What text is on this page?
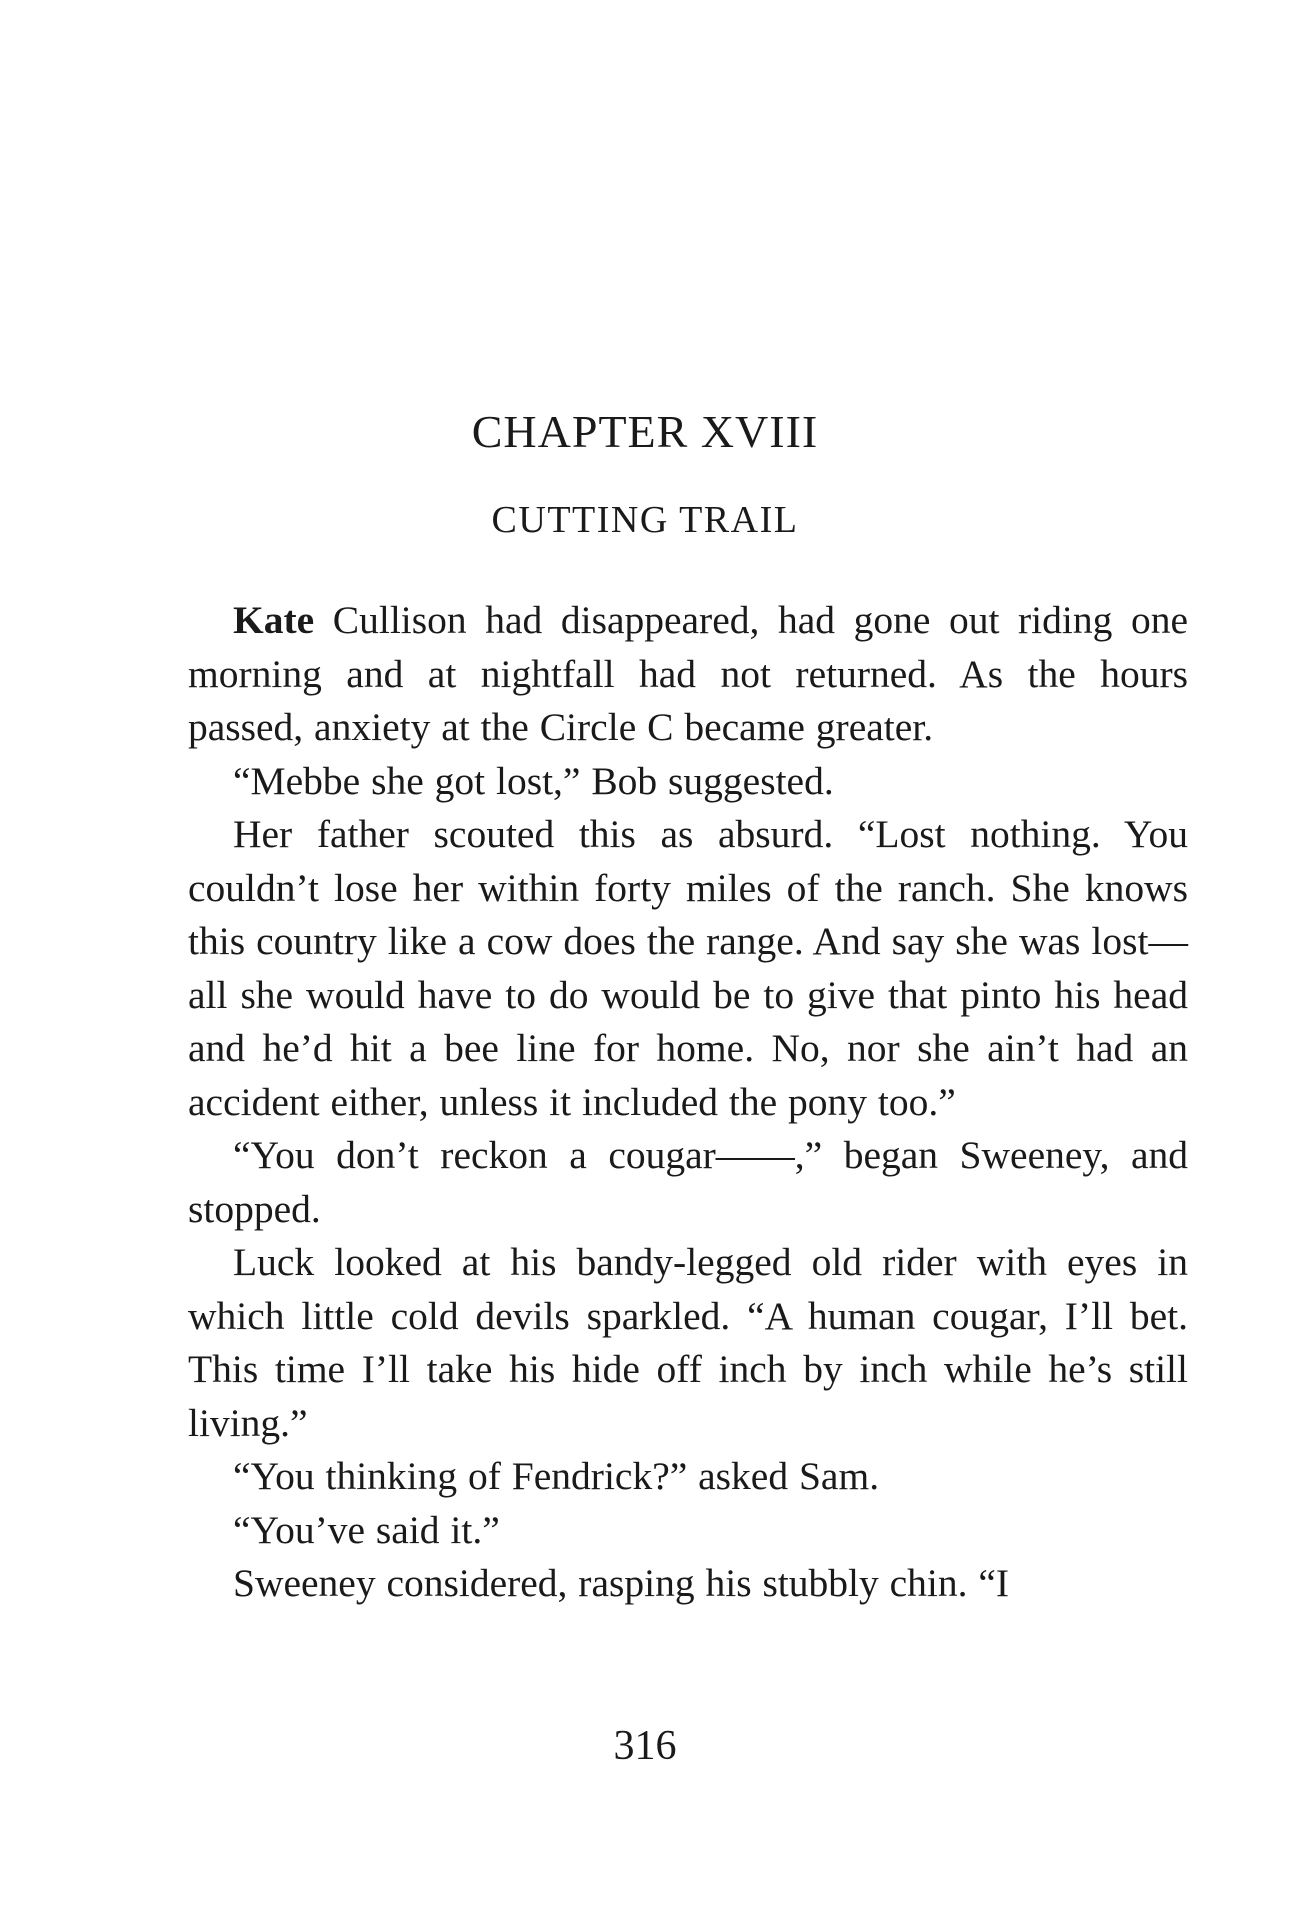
CHAPTER XVIII
CUTTING TRAIL

Kate Cullison had disappeared, had gone out riding one morning and at nightfall had not returned. As the hours passed, anxiety at the Circle C became greater.

“Mebbe she got lost,” Bob suggested.

Her father scouted this as absurd. “Lost nothing. You couldn’t lose her within forty miles of the ranch. She knows this country like a cow does the range. And say she was lost—all she would have to do would be to give that pinto his head and he’d hit a bee line for home. No, nor she ain’t had an accident either, unless it included the pony too.”

“You don’t reckon a cougar——,” began Sweeney, and stopped.

Luck looked at his bandy-legged old rider with eyes in which little cold devils sparkled. “A human cougar, I’ll bet. This time I’ll take his hide off inch by inch while he’s still living.”

“You thinking of Fendrick?” asked Sam.

“You’ve said it.”

Sweeney considered, rasping his stubbly chin. “I

316
